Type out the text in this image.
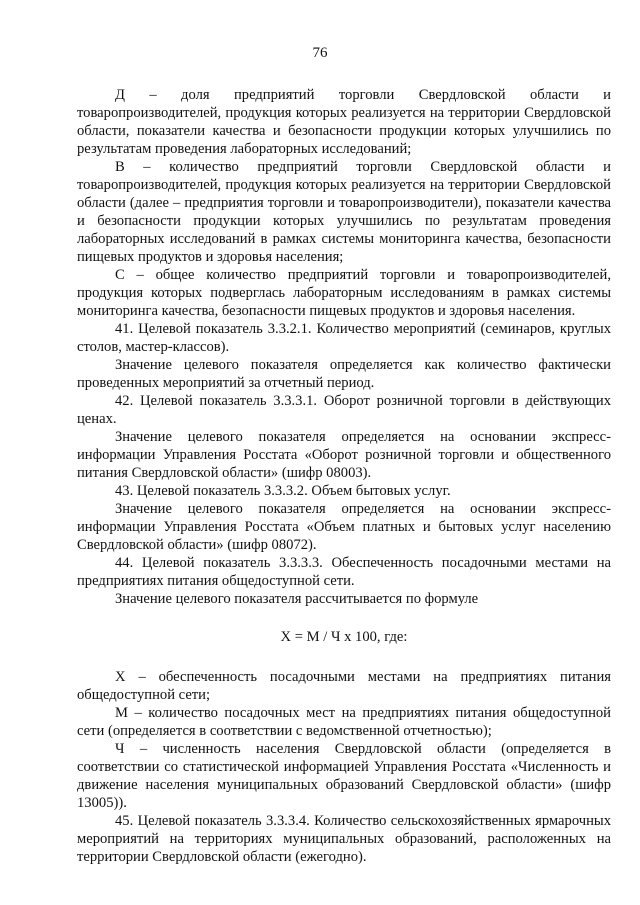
76

Д – доля предприятий торговли Свердловской области и товаропроизводителей, продукция которых реализуется на территории Свердловской области, показатели качества и безопасности продукции которых улучшились по результатам проведения лабораторных исследований;

В – количество предприятий торговли Свердловской области и товаропроизводителей, продукция которых реализуется на территории Свердловской области (далее – предприятия торговли и товаропроизводители), показатели качества и безопасности продукции которых улучшились по результатам проведения лабораторных исследований в рамках системы мониторинга качества, безопасности пищевых продуктов и здоровья населения;

С – общее количество предприятий торговли и товаропроизводителей, продукция которых подверглась лабораторным исследованиям в рамках системы мониторинга качества, безопасности пищевых продуктов и здоровья населения.

41. Целевой показатель 3.3.2.1. Количество мероприятий (семинаров, круглых столов, мастер-классов).

Значение целевого показателя определяется как количество фактически проведенных мероприятий за отчетный период.

42. Целевой показатель 3.3.3.1. Оборот розничной торговли в действующих ценах.

Значение целевого показателя определяется на основании экспресс-информации Управления Росстата «Оборот розничной торговли и общественного питания Свердловской области» (шифр 08003).

43. Целевой показатель 3.3.3.2. Объем бытовых услуг.

Значение целевого показателя определяется на основании экспресс-информации Управления Росстата «Объем платных и бытовых услуг населению Свердловской области» (шифр 08072).

44. Целевой показатель 3.3.3.3. Обеспеченность посадочными местами на предприятиях питания общедоступной сети.

Значение целевого показателя рассчитывается по формуле

Х = М / Ч х 100, где:

Х – обеспеченность посадочными местами на предприятиях питания общедоступной сети;

М – количество посадочных мест на предприятиях питания общедоступной сети (определяется в соответствии с ведомственной отчетностью);

Ч – численность населения Свердловской области (определяется в соответствии со статистической информацией Управления Росстата «Численность и движение населения муниципальных образований Свердловской области» (шифр 13005)).

45. Целевой показатель 3.3.3.4. Количество сельскохозяйственных ярмарочных мероприятий на территориях муниципальных образований, расположенных на территории Свердловской области (ежегодно).
